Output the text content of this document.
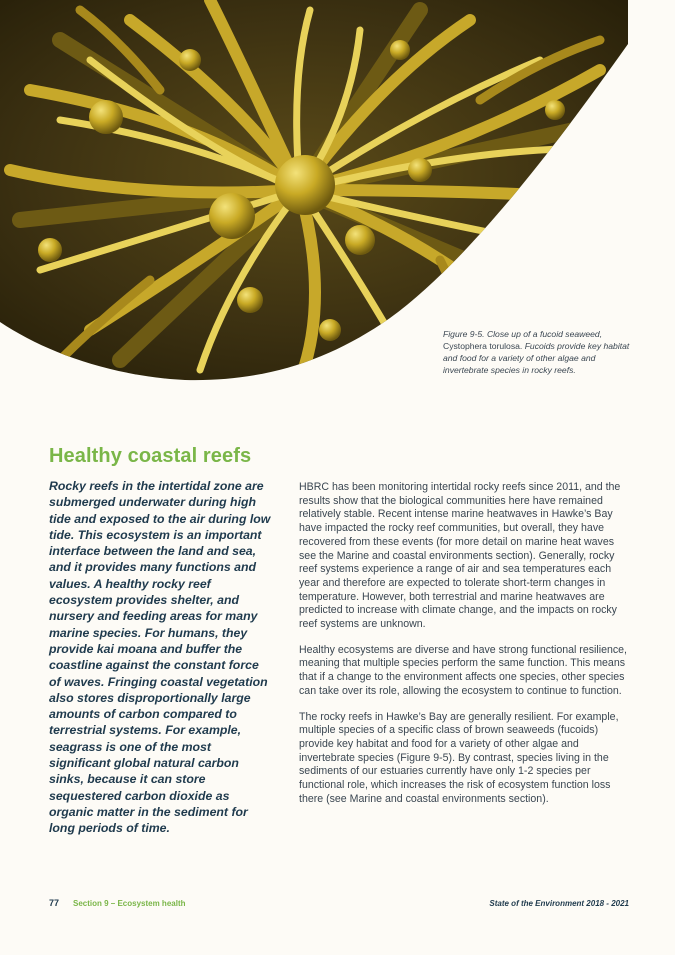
Figure 9-5. Close up of a fucoid seaweed, Cystophera torulosa. Fucoids provide key habitat and food for a variety of other algae and invertebrate species in rocky reefs.
Healthy coastal reefs

Rocky reefs in the intertidal zone are submerged underwater during high tide and exposed to the air during low tide. This ecosystem is an important interface between the land and sea, and it provides many functions and values. A healthy rocky reef ecosystem provides shelter, and nursery and feeding areas for many marine species. For humans, they provide kai moana and buffer the coastline against the constant force of waves. Fringing coastal vegetation also stores disproportionally large amounts of carbon compared to terrestrial systems. For example, seagrass is one of the most significant global natural carbon sinks, because it can store sequestered carbon dioxide as organic matter in the sediment for long periods of time.

HBRC has been monitoring intertidal rocky reefs since 2011, and the results show that the biological communities here have remained relatively stable. Recent intense marine heatwaves in Hawke’s Bay have impacted the rocky reef communities, but overall, they have recovered from these events (for more detail on marine heat waves see the Marine and coastal environments section). Generally, rocky reef systems experience a range of air and sea temperatures each year and therefore are expected to tolerate short-term changes in temperature. However, both terrestrial and marine heatwaves are predicted to increase with climate change, and the impacts on rocky reef systems are unknown.

Healthy ecosystems are diverse and have strong functional resilience, meaning that multiple species perform the same function. This means that if a change to the environment affects one species, other species can take over its role, allowing the ecosystem to continue to function.

The rocky reefs in Hawke’s Bay are generally resilient. For example, multiple species of a specific class of brown seaweeds (fucoids) provide key habitat and food for a variety of other algae and invertebrate species (Figure 9-5). By contrast, species living in the sediments of our estuaries currently have only 1-2 species per functional role, which increases the risk of ecosystem function loss there (see Marine and coastal environments section).

77 Section 9 – Ecosystem health	State of the Environment 2018 - 2021
